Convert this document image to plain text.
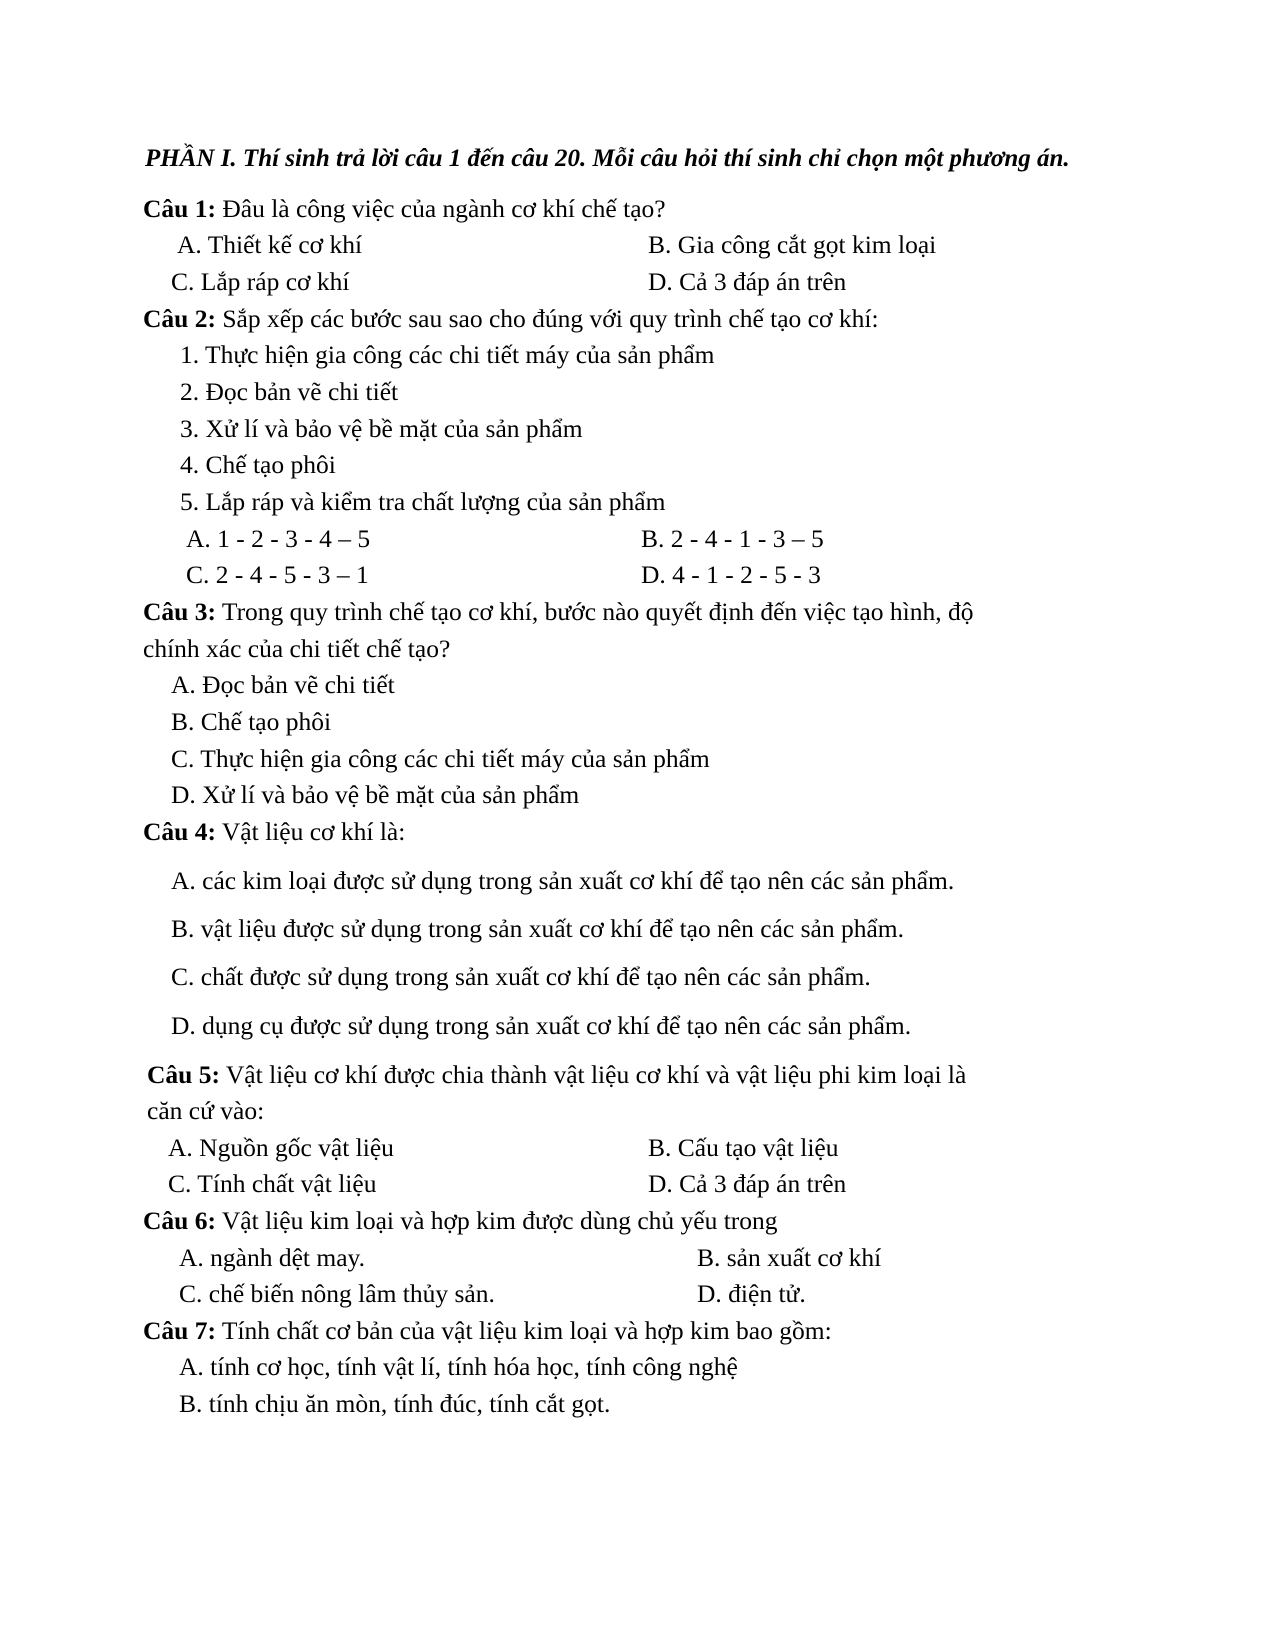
PHẦN I. Thí sinh trả lời câu 1 đến câu 20. Mỗi câu hỏi thí sinh chỉ chọn một phương án.
Câu 1: Đâu là công việc của ngành cơ khí chế tạo?
A. Thiết kế cơ khí	B. Gia công cắt gọt kim loại
C. Lắp ráp cơ khí	D. Cả 3 đáp án trên
Câu 2: Sắp xếp các bước sau sao cho đúng với quy trình chế tạo cơ khí:
1. Thực hiện gia công các chi tiết máy của sản phẩm
2. Đọc bản vẽ chi tiết
3. Xử lí và bảo vệ bề mặt của sản phẩm
4. Chế tạo phôi
5. Lắp ráp và kiểm tra chất lượng của sản phẩm
A. 1 - 2 - 3 - 4 – 5	B. 2 - 4 - 1 - 3 – 5
C. 2 - 4 - 5 - 3 – 1	D. 4 - 1 - 2 - 5 - 3
Câu 3: Trong quy trình chế tạo cơ khí, bước nào quyết định đến việc tạo hình, độ
chính xác của chi tiết chế tạo?
A. Đọc bản vẽ chi tiết
B. Chế tạo phôi
C. Thực hiện gia công các chi tiết máy của sản phẩm
D. Xử lí và bảo vệ bề mặt của sản phẩm
Câu 4: Vật liệu cơ khí là:
A. các kim loại được sử dụng trong sản xuất cơ khí để tạo nên các sản phẩm.
B. vật liệu được sử dụng trong sản xuất cơ khí để tạo nên các sản phẩm.
C. chất được sử dụng trong sản xuất cơ khí để tạo nên các sản phẩm.
D. dụng cụ được sử dụng trong sản xuất cơ khí để tạo nên các sản phẩm.
Câu 5: Vật liệu cơ khí được chia thành vật liệu cơ khí và vật liệu phi kim loại là
căn cứ vào:
A. Nguồn gốc vật liệu	B. Cấu tạo vật liệu
C. Tính chất vật liệu	D. Cả 3 đáp án trên
Câu 6: Vật liệu kim loại và hợp kim được dùng chủ yếu trong
A. ngành dệt may.	B. sản xuất cơ khí
C. chế biến nông lâm thủy sản.	D. điện tử.
Câu 7: Tính chất cơ bản của vật liệu kim loại và hợp kim bao gồm:
A. tính cơ học, tính vật lí, tính hóa học, tính công nghệ
B. tính chịu ăn mòn, tính đúc, tính cắt gọt.
